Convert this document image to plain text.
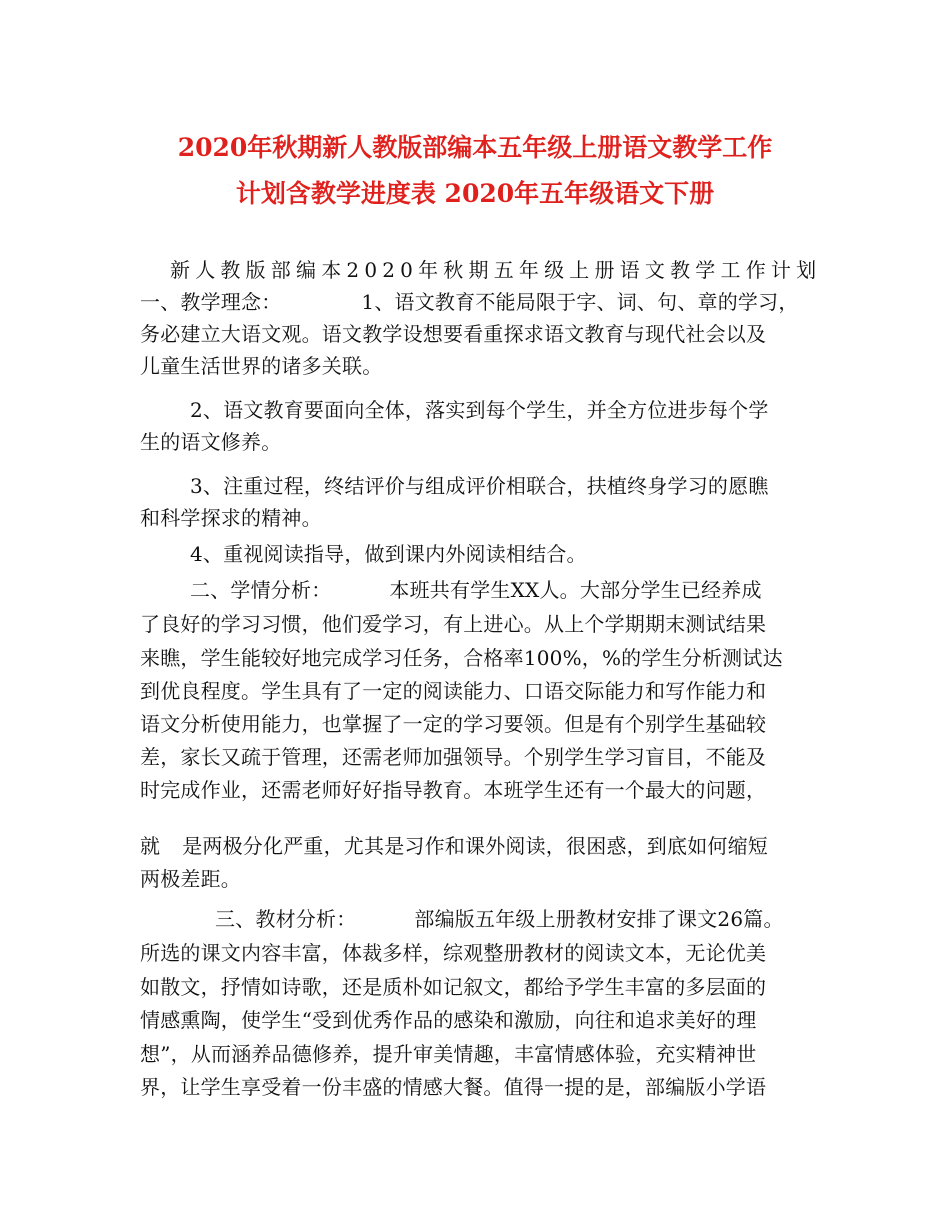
2020年秋期新人教版部编本五年级上册语文教学工作
计划含教学进度表 2020年五年级语文下册

新人教版部编本2020年秋期五年级上册语文教学工作计划

一、教学理念：	1、语文教育不能局限于字、词、句、章的学习，

务必建立大语文观。语文教学设想要看重探求语文教育与现代社会以及

儿童生活世界的诸多关联。

2、语文教育要面向全体，落实到每个学生，并全方位进步每个学

生的语文修养。

3、注重过程，终结评价与组成评价相联合，扶植终身学习的愿瞧

和科学探求的精神。

4、重视阅读指导，做到课内外阅读相结合。

二、学情分析：	本班共有学生XX人。大部分学生已经养成

了良好的学习习惯，他们爱学习，有上进心。从上个学期期末测试结果

来瞧，学生能较好地完成学习任务，合格率100%，%的学生分析测试达

到优良程度。学生具有了一定的阅读能力、口语交际能力和写作能力和

语文分析使用能力，也掌握了一定的学习要领。但是有个别学生基础较

差，家长又疏于管理，还需老师加强领导。个别学生学习盲目，不能及

时完成作业，还需老师好好指导教育。本班学生还有一个最大的问题，

就 是两极分化严重，尤其是习作和课外阅读，很困惑，到底如何缩短

两极差距。

三、教材分析：	部编版五年级上册教材安排了课文26篇。

所选的课文内容丰富，体裁多样，综观整册教材的阅读文本，无论优美

如散文，抒情如诗歌，还是质朴如记叙文，都给予学生丰富的多层面的

情感熏陶，使学生“受到优秀作品的感染和激励，向往和追求美好的理

想”，从而涵养品德修养，提升审美情趣，丰富情感体验，充实精神世

界，让学生享受着一份丰盛的情感大餐。值得一提的是，部编版小学语
